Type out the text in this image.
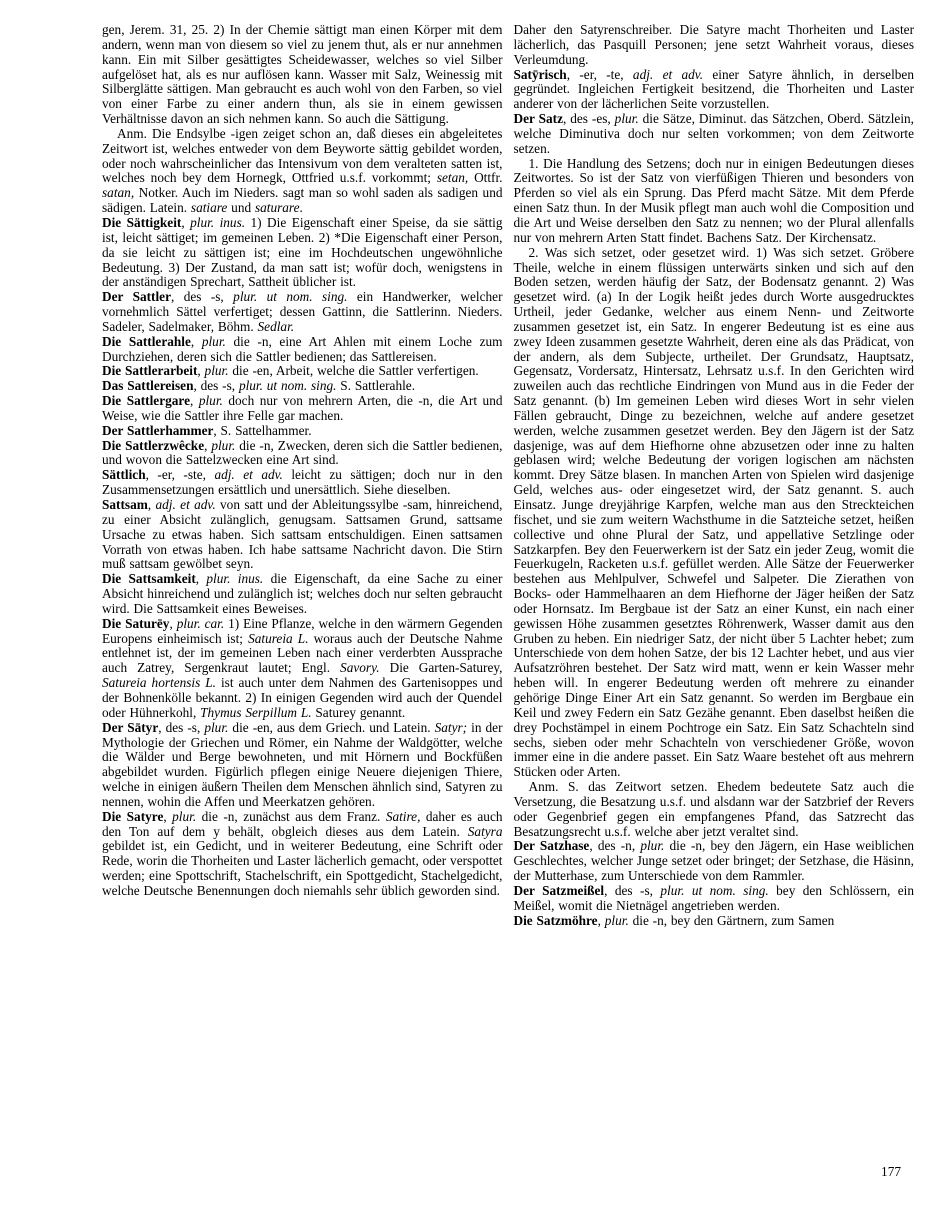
gen, Jerem. 31, 25. 2) In der Chemie sättigt man einen Körper mit dem andern, wenn man von diesem so viel zu jenem thut, als er nur annehmen kann. Ein mit Silber gesättigtes Scheidewasser, welches so viel Silber aufgelöset hat, als es nur auflösen kann. Wasser mit Salz, Weinessig mit Silberglätte sättigen. Man gebraucht es auch wohl von den Farben, so viel von einer Farbe zu einer andern thun, als sie in einem gewissen Verhältnisse davon an sich nehmen kann. So auch die Sättigung.

Anm. Die Endsylbe -igen zeiget schon an, daß dieses ein abgeleitetes Zeitwort ist, welches entweder von dem Beyworte sättig gebildet worden, oder noch wahrscheinlicher das Intensivum von dem veralteten satten ist, welches noch bey dem Hornegk, Ottfried u.s.f. vorkommt; setan, Ottfr. satan, Notker. Auch im Nieders. sagt man so wohl saden als sadigen und sädigen. Latein. satiare und saturare.

Die Sättigkeit, plur. inus. 1) Die Eigenschaft einer Speise, da sie sättig ist, leicht sättiget; im gemeinen Leben. 2) *Die Eigenschaft einer Person, da sie leicht zu sättigen ist; eine im Hochdeutschen ungewöhnliche Bedeutung. 3) Der Zustand, da man satt ist; wofür doch, wenigstens in der anständigen Sprechart, Sattheit üblicher ist.

Der Sattler, des -s, plur. ut nom. sing. ein Handwerker, welcher vornehmlich Sättel verfertiget; dessen Gattinn, die Sattlerinn. Nieders. Sadeler, Sadelmaker, Böhm. Sedlar.

Die Sattlerahle, plur. die -n, eine Art Ahlen mit einem Loche zum Durchziehen, deren sich die Sattler bedienen; das Sattlereisen.

Die Sattlerarbeit, plur. die -en, Arbeit, welche die Sattler verfertigen.

Das Sattlereisen, des -s, plur. ut nom. sing. S. Sattlerahle.

Die Sattlergare, plur. doch nur von mehrern Arten, die -n, die Art und Weise, wie die Sattler ihre Felle gar machen.

Der Sattlerhammer, S. Sattelhammer.

Die Sattlerzwêcke, plur. die -n, Zwecken, deren sich die Sattler bedienen, und wovon die Sattelzwecken eine Art sind.

Sättlich, -er, -ste, adj. et adv. leicht zu sättigen; doch nur in den Zusammensetzungen ersättlich und unersättlich. Siehe dieselben.

Sattsam, adj. et adv. von satt und der Ableitungssylbe -sam, hinreichend, zu einer Absicht zulänglich, genugsam. Sattsamen Grund, sattsame Ursache zu etwas haben. Sich sattsam entschuldigen. Einen sattsamen Vorrath von etwas haben. Ich habe sattsame Nachricht davon. Die Stirn muß sattsam gewölbet seyn.

Die Sattsamkeit, plur. inus. die Eigenschaft, da eine Sache zu einer Absicht hinreichend und zulänglich ist; welches doch nur selten gebraucht wird. Die Sattsamkeit eines Beweises.

Die Saturēy, plur. car. 1) Eine Pflanze, welche in den wärmern Gegenden Europens einheimisch ist; Satureia L. woraus auch der Deutsche Nahme entlehnet ist, der im gemeinen Leben nach einer verderbten Aussprache auch Zatrey, Sergenkraut lautet; Engl. Savory. Die Garten-Saturey, Satureia hortensis L. ist auch unter dem Nahmen des Gartenisoppes und der Bohnenkölle bekannt. 2) In einigen Gegenden wird auch der Quendel oder Hühnerkohl, Thymus Serpillum L. Saturey genannt.

Der Sātyr, des -s, plur. die -en, aus dem Griech. und Latein. Satyr; in der Mythologie der Griechen und Römer, ein Nahme der Waldgötter, welche die Wälder und Berge bewohneten, und mit Hörnern und Bockfüßen abgebildet wurden. Figürlich pflegen einige Neuere diejenigen Thiere, welche in einigen äußern Theilen dem Menschen ähnlich sind, Satyren zu nennen, wohin die Affen und Meerkatzen gehören.

Die Satyre, plur. die -n, zunächst aus dem Franz. Satire, daher es auch den Ton auf dem y behält, obgleich dieses aus dem Latein. Satyra gebildet ist, ein Gedicht, und in weiterer Bedeutung, eine Schrift oder Rede, worin die Thorheiten und Laster lächerlich gemacht, oder verspottet werden; eine Spottschrift, Stachelschrift, ein Spottgedicht, Stachelgedicht, welche Deutsche Benennungen doch niemahls sehr üblich geworden sind.

Daher den Satyrenschreiber. Die Satyre macht Thorheiten und Laster lächerlich, das Pasquill Personen; jene setzt Wahrheit voraus, dieses Verleumdung.

Satȳrisch, -er, -te, adj. et adv. einer Satyre ähnlich, in derselben gegründet. Ingleichen Fertigkeit besitzend, die Thorheiten und Laster anderer von der lächerlichen Seite vorzustellen.

Der Satz, des -es, plur. die Sätze, Diminut. das Sätzchen, Oberd. Sätzlein, welche Diminutiva doch nur selten vorkommen; von dem Zeitworte setzen.

1. Die Handlung des Setzens; doch nur in einigen Bedeutungen dieses Zeitwortes. So ist der Satz von vierfüßigen Thieren und besonders von Pferden so viel als ein Sprung. Das Pferd macht Sätze. Mit dem Pferde einen Satz thun. In der Musik pflegt man auch wohl die Composition und die Art und Weise derselben den Satz zu nennen; wo der Plural allenfalls nur von mehrern Arten Statt findet. Bachens Satz. Der Kirchensatz.

2. Was sich setzet, oder gesetzet wird. 1) Was sich setzet. Gröbere Theile, welche in einem flüssigen unterwärts sinken und sich auf den Boden setzen, werden häufig der Satz, der Bodensatz genannt. 2) Was gesetzet wird. (a) In der Logik heißt jedes durch Worte ausgedrucktes Urtheil, jeder Gedanke, welcher aus einem Nenn- und Zeitworte zusammen gesetzet ist, ein Satz. In engerer Bedeutung ist es eine aus zwey Ideen zusammen gesetzte Wahrheit, deren eine als das Prädicat, von der andern, als dem Subjecte, urtheilet. Der Grundsatz, Hauptsatz, Gegensatz, Vordersatz, Hintersatz, Lehrsatz u.s.f. In den Gerichten wird zuweilen auch das rechtliche Eindringen von Mund aus in die Feder der Satz genannt. (b) Im gemeinen Leben wird dieses Wort in sehr vielen Fällen gebraucht, Dinge zu bezeichnen, welche auf andere gesetzet werden, welche zusammen gesetzet werden. Bey den Jägern ist der Satz dasjenige, was auf dem Hiefhorne ohne abzusetzen oder inne zu halten geblasen wird; welche Bedeutung der vorigen logischen am nächsten kommt. Drey Sätze blasen. In manchen Arten von Spielen wird dasjenige Geld, welches aus- oder eingesetzet wird, der Satz genannt. S. auch Einsatz. Junge dreyjährige Karpfen, welche man aus den Streckteichen fischet, und sie zum weitern Wachsthume in die Satzteiche setzet, heißen collective und ohne Plural der Satz, und appellative Setzlinge oder Satzkarpfen. Bey den Feuerwerkern ist der Satz ein jeder Zeug, womit die Feuerkugeln, Racketen u.s.f. gefüllet werden. Alle Sätze der Feuerwerker bestehen aus Mehlpulver, Schwefel und Salpeter. Die Zierathen von Bocks- oder Hammelhaaren an dem Hiefhorne der Jäger heißen der Satz oder Hornsatz. Im Bergbaue ist der Satz an einer Kunst, ein nach einer gewissen Höhe zusammen gesetztes Röhrenwerk, Wasser damit aus den Gruben zu heben. Ein niedriger Satz, der nicht über 5 Lachter hebet; zum Unterschiede von dem hohen Satze, der bis 12 Lachter hebet, und aus vier Aufsatzröhren bestehet. Der Satz wird matt, wenn er kein Wasser mehr heben will. In engerer Bedeutung werden oft mehrere zu einander gehörige Dinge Einer Art ein Satz genannt. So werden im Bergbaue ein Keil und zwey Federn ein Satz Gezähe genannt. Eben daselbst heißen die drey Pochstämpel in einem Pochtroge ein Satz. Ein Satz Schachteln sind sechs, sieben oder mehr Schachteln von verschiedener Größe, wovon immer eine in die andere passet. Ein Satz Waare bestehet oft aus mehrern Stücken oder Arten.

Anm. S. das Zeitwort setzen. Ehedem bedeutete Satz auch die Versetzung, die Besatzung u.s.f. und alsdann war der Satzbrief der Revers oder Gegenbrief gegen ein empfangenes Pfand, das Satzrecht das Besatzungsrecht u.s.f. welche aber jetzt veraltet sind.

Der Satzhase, des -n, plur. die -n, bey den Jägern, ein Hase weiblichen Geschlechtes, welcher Junge setzet oder bringet; der Setzhase, die Häsinn, der Mutterhase, zum Unterschiede von dem Rammler.

Der Satzmeißel, des -s, plur. ut nom. sing. bey den Schlössern, ein Meißel, womit die Nietnägel angetrieben werden.

Die Satzmöhre, plur. die -n, bey den Gärtnern, zum Samen

177
